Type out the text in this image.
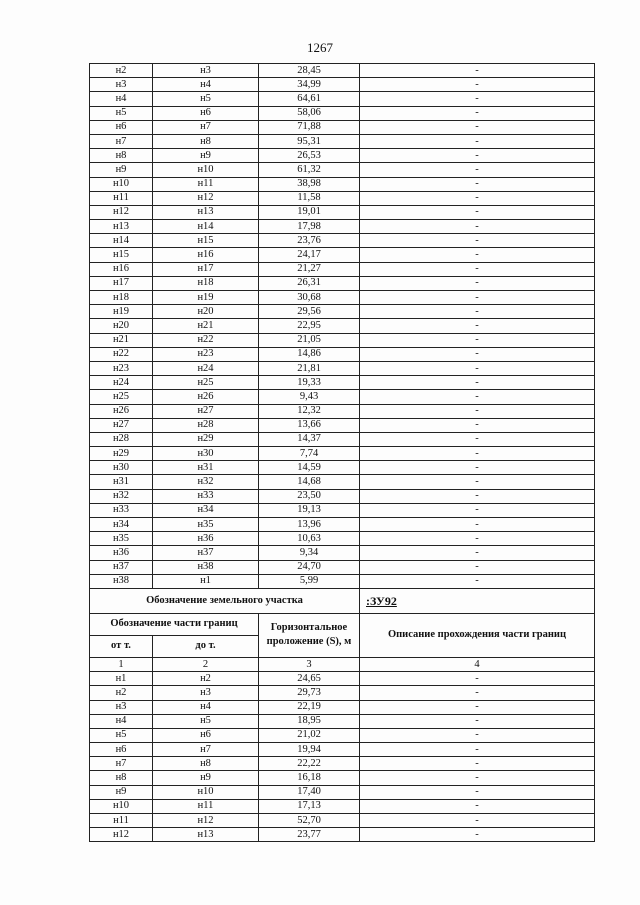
1267
н2	н3	28,45	-
н3	н4	34,99	-
н4	н5	64,61	-
н5	н6	58,06	-
н6	н7	71,88	-
н7	н8	95,31	-
н8	н9	26,53	-
н9	н10	61,32	-
н10	н11	38,98	-
н11	н12	11,58	-
н12	н13	19,01	-
н13	н14	17,98	-
н14	н15	23,76	-
н15	н16	24,17	-
н16	н17	21,27	-
н17	н18	26,31	-
н18	н19	30,68	-
н19	н20	29,56	-
н20	н21	22,95	-
н21	н22	21,05	-
н22	н23	14,86	-
н23	н24	21,81	-
н24	н25	19,33	-
н25	н26	9,43	-
н26	н27	12,32	-
н27	н28	13,66	-
н28	н29	14,37	-
н29	н30	7,74	-
н30	н31	14,59	-
н31	н32	14,68	-
н32	н33	23,50	-
н33	н34	19,13	-
н34	н35	13,96	-
н35	н36	10,63	-
н36	н37	9,34	-
н37	н38	24,70	-
н38	н1	5,99	-
Обозначение земельного участка			:ЗУ92
Обозначение части границ		Горизонтальное проложение (S), м	Описание прохождения части границ
от т.	до т.		
1	2	3	4
н1	н2	24,65	-
н2	н3	29,73	-
н3	н4	22,19	-
н4	н5	18,95	-
н5	н6	21,02	-
н6	н7	19,94	-
н7	н8	22,22	-
н8	н9	16,18	-
н9	н10	17,40	-
н10	н11	17,13	-
н11	н12	52,70	-
н12	н13	23,77	-
